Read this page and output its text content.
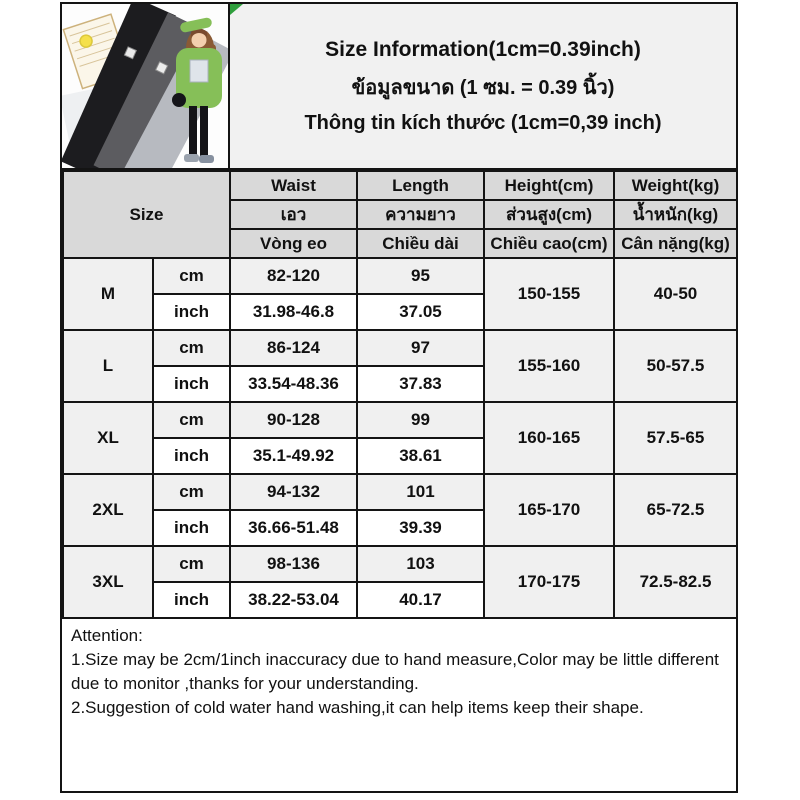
Size Information(1cm=0.39inch)
ข้อมูลขนาด (1 ซม. = 0.39 นิ้ว)
Thông tin kích thước (1cm=0,39 inch)
Size		Waist	Length	Height(cm)	Weight(kg)
		เอว	ความยาว	ส่วนสูง(cm)	น้ำหนัก(kg)
		Vòng eo	Chiều dài	Chiều cao(cm)	Cân nặng(kg)
M	cm	82-120	95	150-155	40-50
	inch	31.98-46.8	37.05		
L	cm	86-124	97	155-160	50-57.5
	inch	33.54-48.36	37.83		
XL	cm	90-128	99	160-165	57.5-65
	inch	35.1-49.92	38.61		
2XL	cm	94-132	101	165-170	65-72.5
	inch	36.66-51.48	39.39		
3XL	cm	98-136	103	170-175	72.5-82.5
	inch	38.22-53.04	40.17		
Attention:
1.Size may be 2cm/1inch inaccuracy due to hand measure,Color may be little different due to monitor ,thanks for your understanding.
2.Suggestion of cold water hand washing,it can help items keep their shape.
